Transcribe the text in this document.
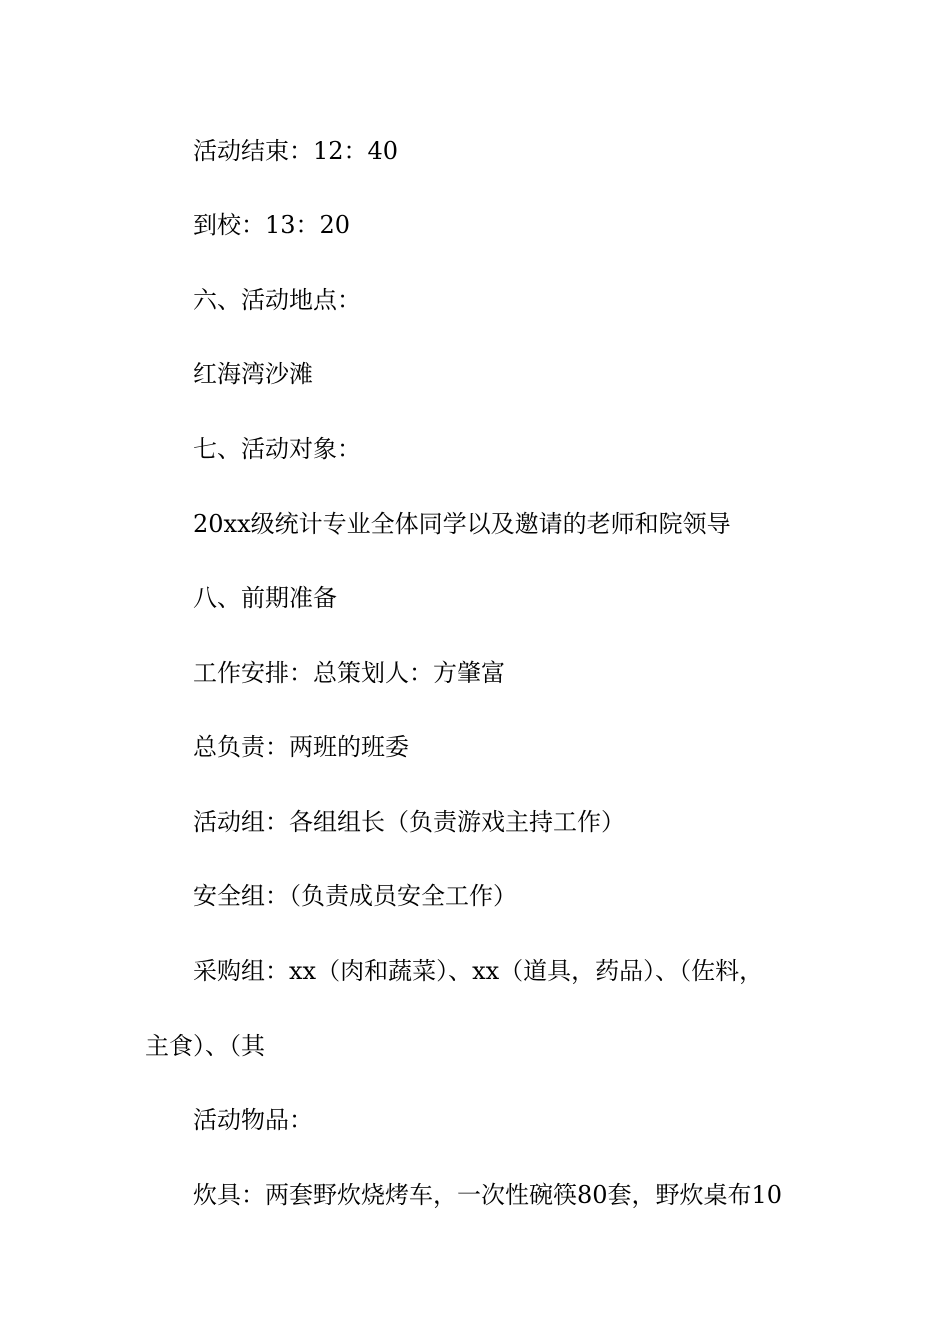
活动结束：12：40
到校：13：20
六、活动地点：
红海湾沙滩
七、活动对象：
20xx级统计专业全体同学以及邀请的老师和院领导
八、前期准备
工作安排：总策划人：方肇富
总负责：两班的班委
活动组：各组组长（负责游戏主持工作）
安全组：（负责成员安全工作）
采购组：xx（肉和蔬菜）、xx（道具，药品）、（佐料，
主食）、（其
活动物品：
炊具：两套野炊烧烤车，一次性碗筷80套，野炊桌布10
